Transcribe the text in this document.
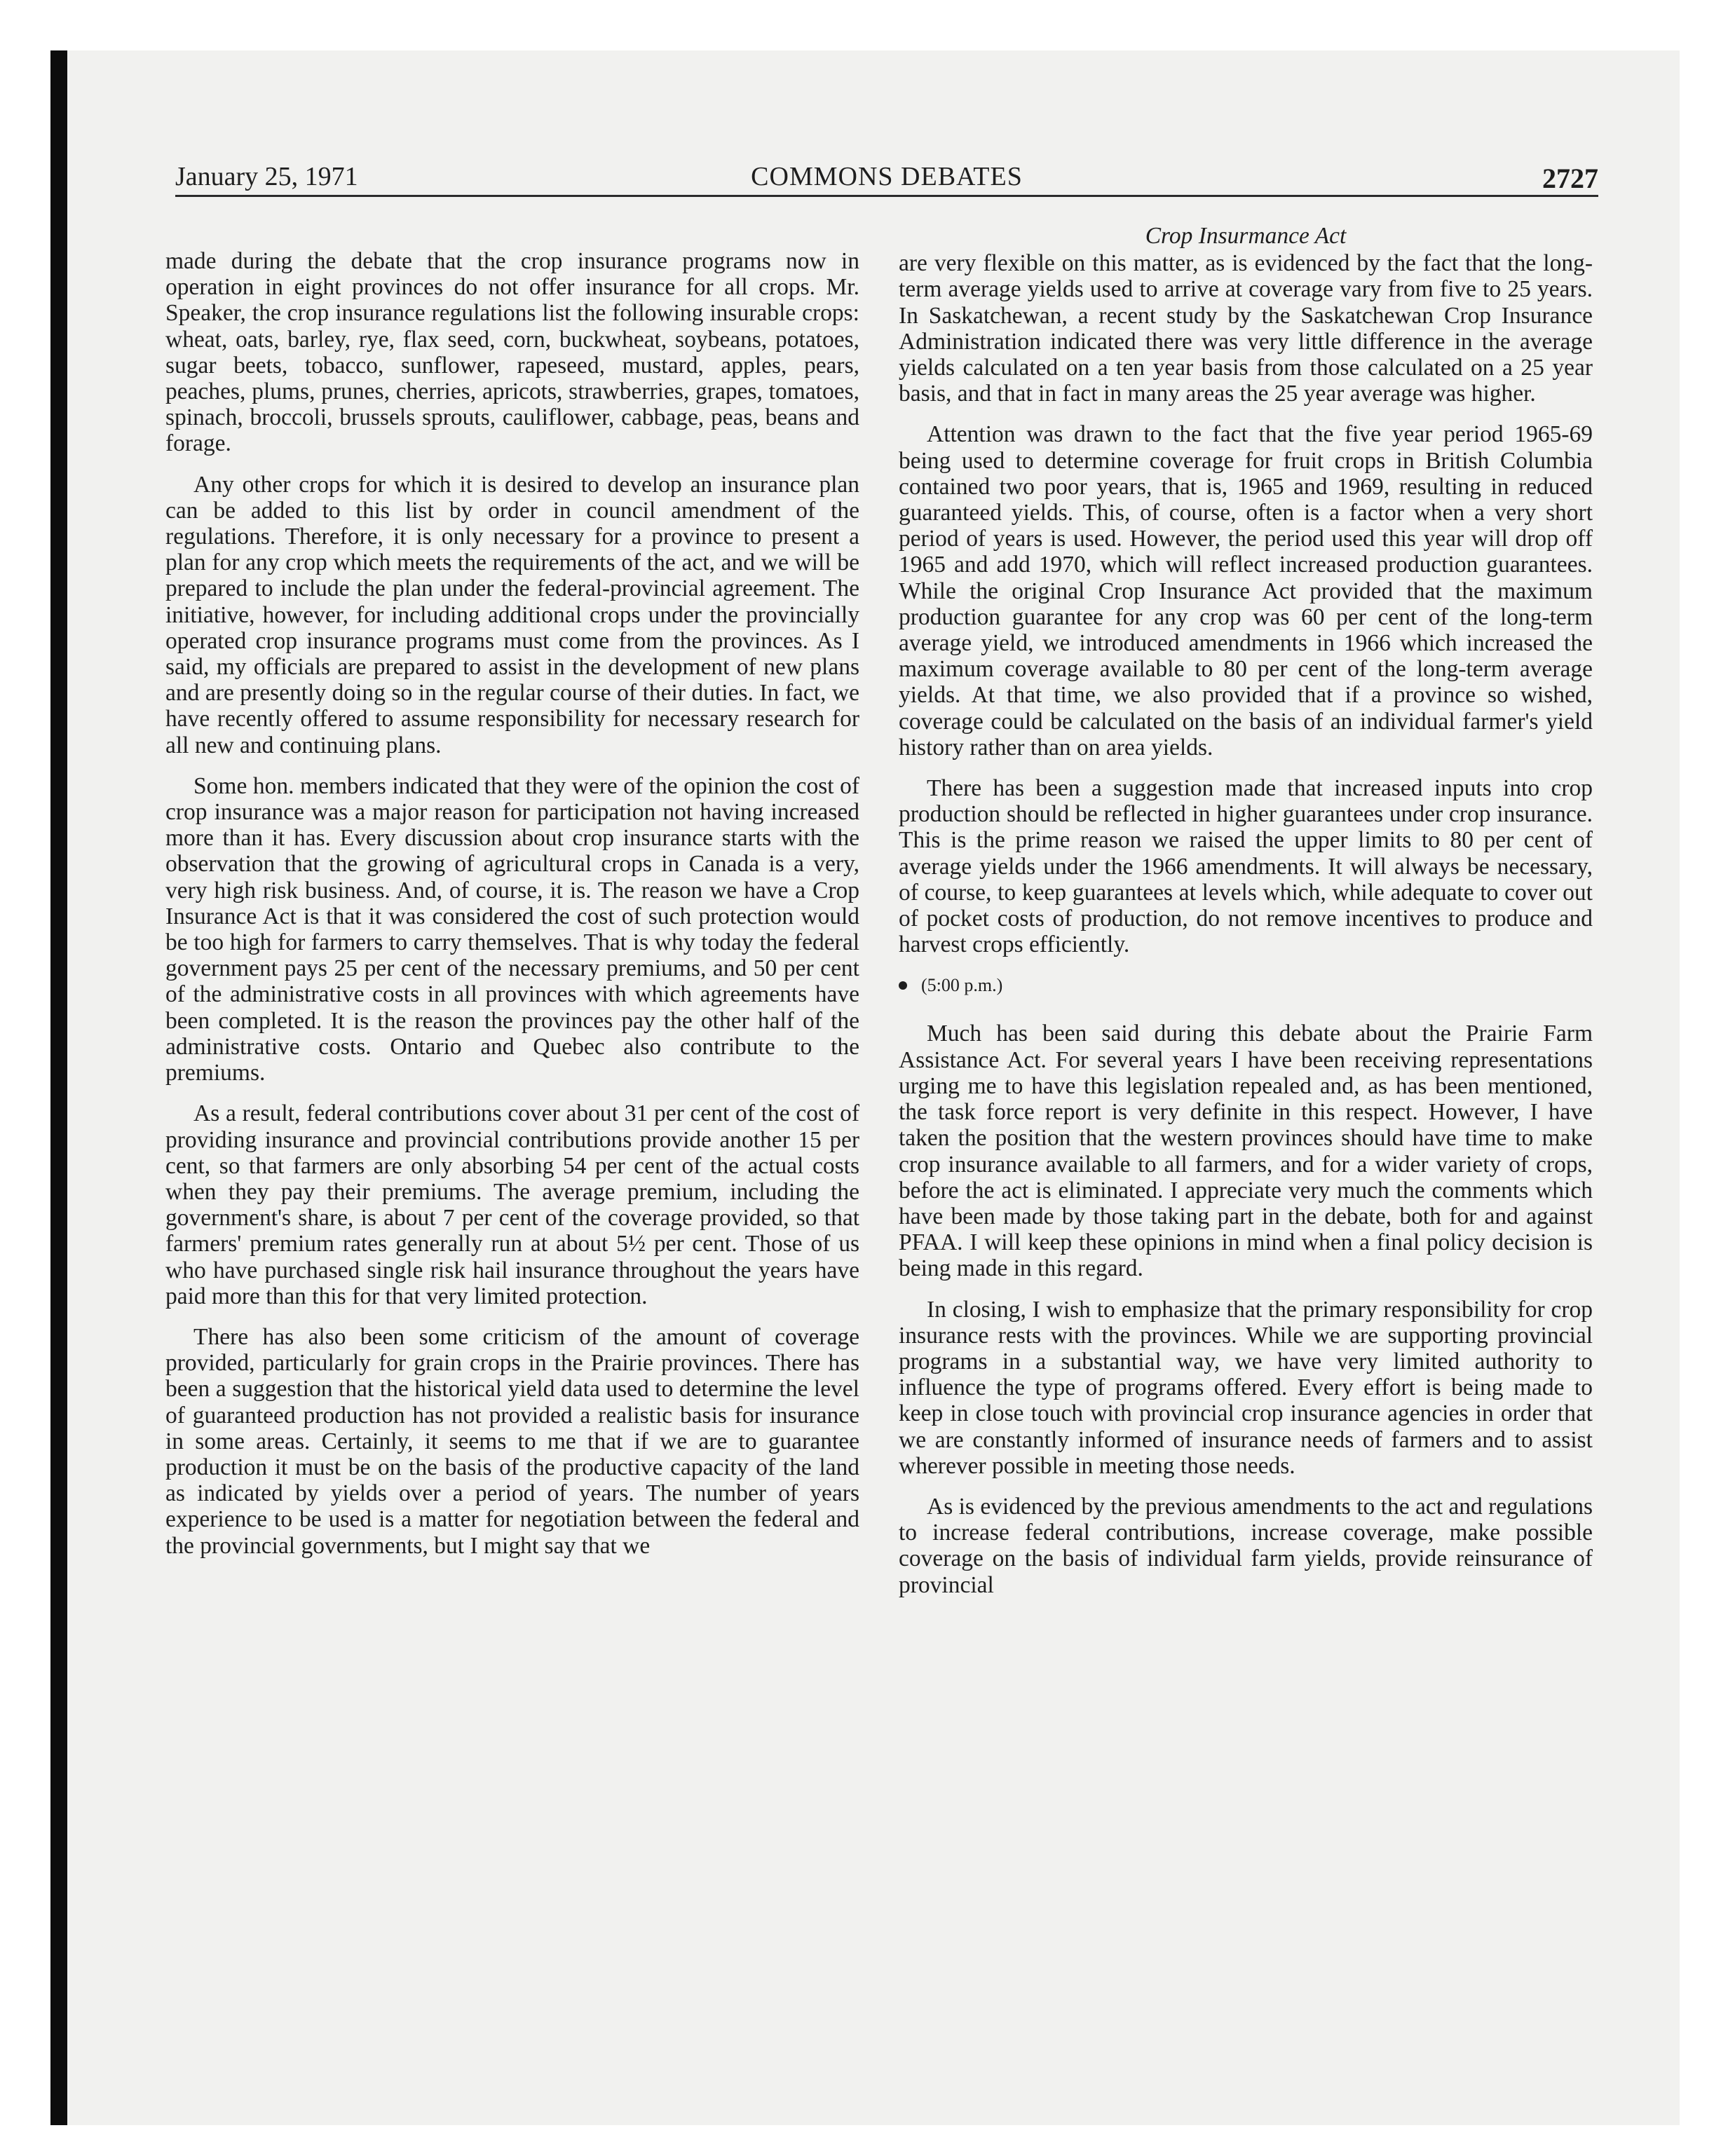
January 25, 1971	COMMONS DEBATES	2727

made during the debate that the crop insurance programs now in operation in eight provinces do not offer insurance for all crops. Mr. Speaker, the crop insurance regulations list the following insurable crops: wheat, oats, barley, rye, flax seed, corn, buckwheat, soybeans, potatoes, sugar beets, tobacco, sunflower, rapeseed, mustard, apples, pears, peaches, plums, prunes, cherries, apricots, strawberries, grapes, tomatoes, spinach, broccoli, brussels sprouts, cauliflower, cabbage, peas, beans and forage.

Any other crops for which it is desired to develop an insurance plan can be added to this list by order in council amendment of the regulations. Therefore, it is only necessary for a province to present a plan for any crop which meets the requirements of the act, and we will be prepared to include the plan under the federal-provincial agreement. The initiative, however, for including additional crops under the provincially operated crop insurance programs must come from the provinces. As I said, my officials are prepared to assist in the development of new plans and are presently doing so in the regular course of their duties. In fact, we have recently offered to assume responsibility for necessary research for all new and continuing plans.

Some hon. members indicated that they were of the opinion the cost of crop insurance was a major reason for participation not having increased more than it has. Every discussion about crop insurance starts with the observation that the growing of agricultural crops in Canada is a very, very high risk business. And, of course, it is. The reason we have a Crop Insurance Act is that it was considered the cost of such protection would be too high for farmers to carry themselves. That is why today the federal government pays 25 per cent of the necessary premiums, and 50 per cent of the administrative costs in all provinces with which agreements have been completed. It is the reason the provinces pay the other half of the administrative costs. Ontario and Quebec also contribute to the premiums.

As a result, federal contributions cover about 31 per cent of the cost of providing insurance and provincial contributions provide another 15 per cent, so that farmers are only absorbing 54 per cent of the actual costs when they pay their premiums. The average premium, including the government's share, is about 7 per cent of the coverage provided, so that farmers' premium rates generally run at about 5½ per cent. Those of us who have purchased single risk hail insurance throughout the years have paid more than this for that very limited protection.

There has also been some criticism of the amount of coverage provided, particularly for grain crops in the Prairie provinces. There has been a suggestion that the historical yield data used to determine the level of guaranteed production has not provided a realistic basis for insurance in some areas. Certainly, it seems to me that if we are to guarantee production it must be on the basis of the productive capacity of the land as indicated by yields over a period of years. The number of years experience to be used is a matter for negotiation between the federal and the provincial governments, but I might say that we

Crop Insurmance Act

are very flexible on this matter, as is evidenced by the fact that the long-term average yields used to arrive at coverage vary from five to 25 years. In Saskatchewan, a recent study by the Saskatchewan Crop Insurance Administration indicated there was very little difference in the average yields calculated on a ten year basis from those calculated on a 25 year basis, and that in fact in many areas the 25 year average was higher.

Attention was drawn to the fact that the five year period 1965-69 being used to determine coverage for fruit crops in British Columbia contained two poor years, that is, 1965 and 1969, resulting in reduced guaranteed yields. This, of course, often is a factor when a very short period of years is used. However, the period used this year will drop off 1965 and add 1970, which will reflect increased production guarantees. While the original Crop Insurance Act provided that the maximum production guarantee for any crop was 60 per cent of the long-term average yield, we introduced amendments in 1966 which increased the maximum coverage available to 80 per cent of the long-term average yields. At that time, we also provided that if a province so wished, coverage could be calculated on the basis of an individual farmer's yield history rather than on area yields.

There has been a suggestion made that increased inputs into crop production should be reflected in higher guarantees under crop insurance. This is the prime reason we raised the upper limits to 80 per cent of average yields under the 1966 amendments. It will always be necessary, of course, to keep guarantees at levels which, while adequate to cover out of pocket costs of production, do not remove incentives to produce and harvest crops efficiently.

(5:00 p.m.)

Much has been said during this debate about the Prairie Farm Assistance Act. For several years I have been receiving representations urging me to have this legislation repealed and, as has been mentioned, the task force report is very definite in this respect. However, I have taken the position that the western provinces should have time to make crop insurance available to all farmers, and for a wider variety of crops, before the act is eliminated. I appreciate very much the comments which have been made by those taking part in the debate, both for and against PFAA. I will keep these opinions in mind when a final policy decision is being made in this regard.

In closing, I wish to emphasize that the primary responsibility for crop insurance rests with the provinces. While we are supporting provincial programs in a substantial way, we have very limited authority to influence the type of programs offered. Every effort is being made to keep in close touch with provincial crop insurance agencies in order that we are constantly informed of insurance needs of farmers and to assist wherever possible in meeting those needs.

As is evidenced by the previous amendments to the act and regulations to increase federal contributions, increase coverage, make possible coverage on the basis of individual farm yields, provide reinsurance of provincial
